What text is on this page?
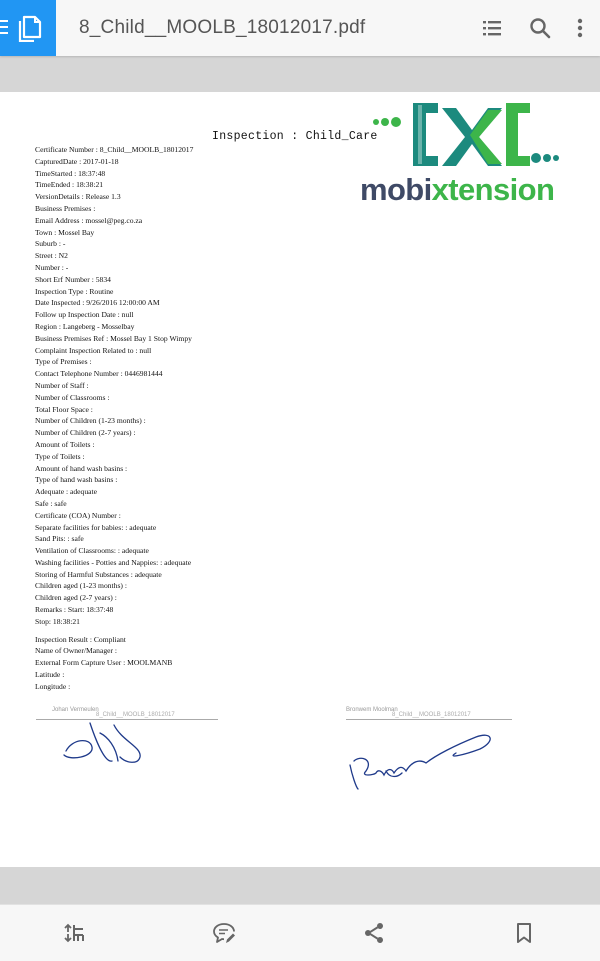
8_Child__MOOLB_18012017.pdf
Inspection : Child_Care
mobixtension
Certificate Number : 8_Child__MOOLB_18012017
CapturedDate : 2017-01-18
TimeStarted : 18:37:48
TimeEnded : 18:38:21
VersionDetails : Release 1.3
Business Premises :
Email Address : mossel@peg.co.za
Town : Mossel Bay
Suburb : -
Street : N2
Number : -
Short Erf Number : 5834
Inspection Type : Routine
Date Inspected : 9/26/2016 12:00:00 AM
Follow up Inspection Date : null
Region : Langeberg - Mosselbay
Business Premises Ref : Mossel Bay 1 Stop Wimpy
Complaint Inspection Related to : null
Type of Premises :
Contact Telephone Number : 0446981444
Number of Staff :
Number of Classrooms :
Total Floor Space :
Number of Children (1-23 months) :
Number of Children (2-7 years) :
Amount of Toilets :
Type of Toilets :
Amount of hand wash basins :
Type of hand wash basins :
Adequate : adequate
Safe : safe
Certificate (COA) Number :
Separate facilities for babies: : adequate
Sand Pits: : safe
Ventilation of Classrooms: : adequate
Washing facilities - Potties and Nappies: : adequate
Storing of Harmful Substances : adequate
Children aged (1-23 months) :
Children aged (2-7 years) :
Remarks : Start: 18:37:48
Stop: 18:38:21
Inspection Result : Compliant
Name of Owner/Manager :
External Form Capture User : MOOLMANB
Latitude :
Longitude :
Johan Vermeulen
8_Child__MOOLB_18012017
Bronwem Moolman
8_Child__MOOLB_18012017
